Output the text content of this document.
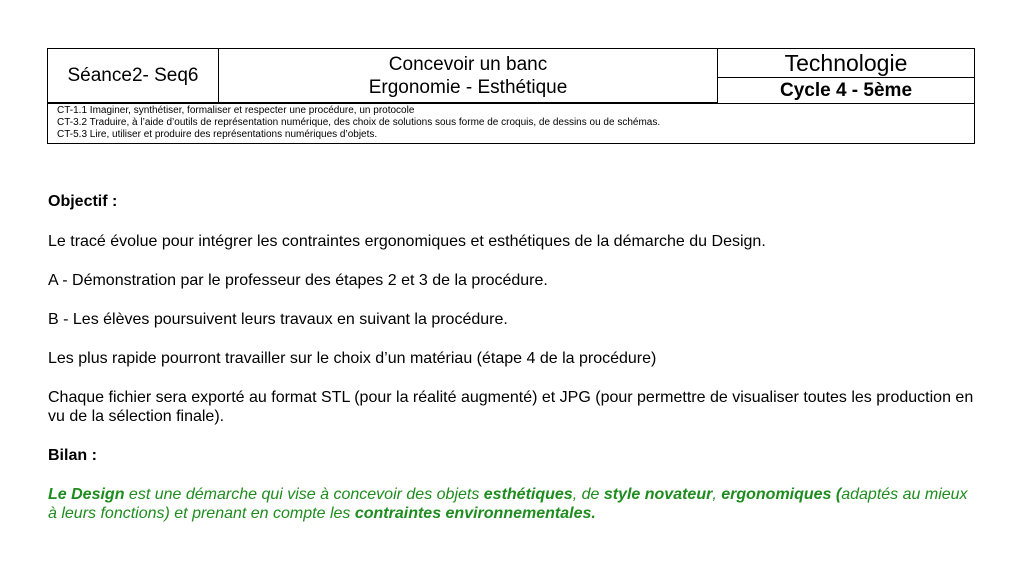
Séance2- Seq6
Concevoir un banc
Ergonomie - Esthétique
Technologie
Cycle 4 - 5ème
CT-1.1 Imaginer, synthétiser, formaliser et respecter une procédure, un protocole
CT-3.2 Traduire, à l’aide d’outils de représentation numérique, des choix de solutions sous forme de croquis, de dessins ou de schémas.
CT-5.3 Lire, utiliser et produire des représentations numériques d’objets.

Objectif :

Le tracé évolue pour intégrer les contraintes ergonomiques et esthétiques de la démarche du Design.

A - Démonstration par le professeur des étapes 2 et 3 de la procédure.

B - Les élèves poursuivent leurs travaux en suivant la procédure.

Les plus rapide pourront travailler sur le choix d’un matériau (étape 4 de la procédure)

Chaque fichier sera exporté au format STL (pour la réalité augmenté) et JPG (pour permettre de visualiser toutes les production en vu de la sélection finale).

Bilan :

Le Design est une démarche qui vise à concevoir des objets esthétiques, de style novateur, ergonomiques (adaptés au mieux à leurs fonctions) et prenant en compte les contraintes environnementales.
